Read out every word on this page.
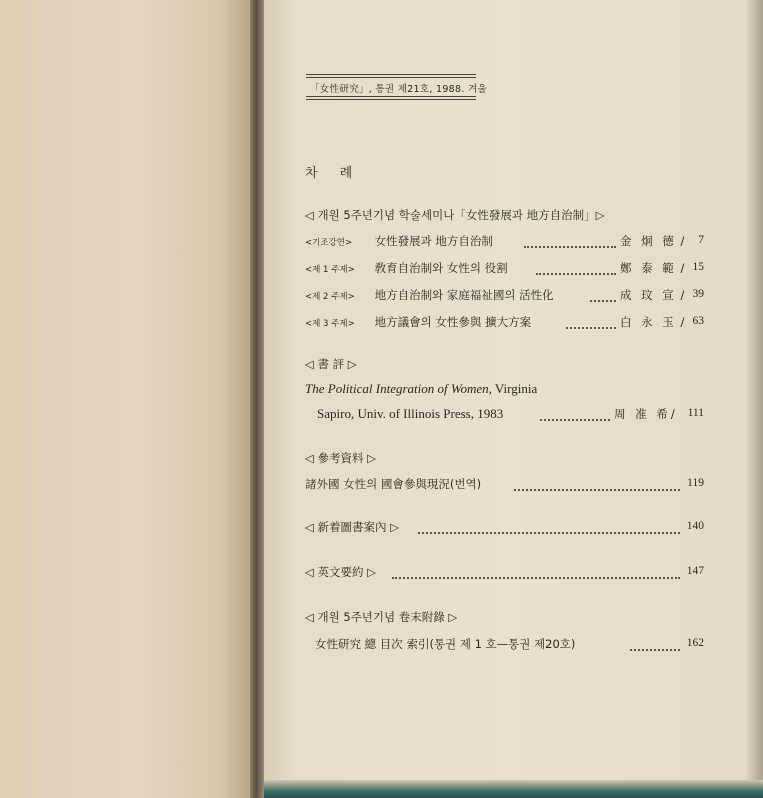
「女性研究」, 통권 제21호, 1988. 겨울
차 례
◁ 개원 5주년기념 학술세미나「女性發展과 地方自治制」▷
<기조강연> 女性發展과 地方自治制	金 炯 德 /	7
<제 1 주제> 敎育自治制와 女性의 役割	鄭 泰 範 / 15
<제 2 주제> 地方自治制와 家庭福祉國의 活性化	成 玟 宣 / 39
<제 3 주제> 地方議會의 女性參與 擴大方案	白 永 玉 / 63
◁ 書 評 ▷
The Political Integration of Women, Virginia
Sapiro, Univ. of Illinois Press, 1983	周 准 希/	111
◁ 參考資料 ▷
諸外國 女性의 國會參與現況(번역)	119
◁ 新着圖書案內 ▷	140
◁ 英文要約 ▷	147
◁ 개원 5주년기념 卷末附錄 ▷
女性研究 總 目次 索引(통권 제 1 호—통권 제20호)	162
